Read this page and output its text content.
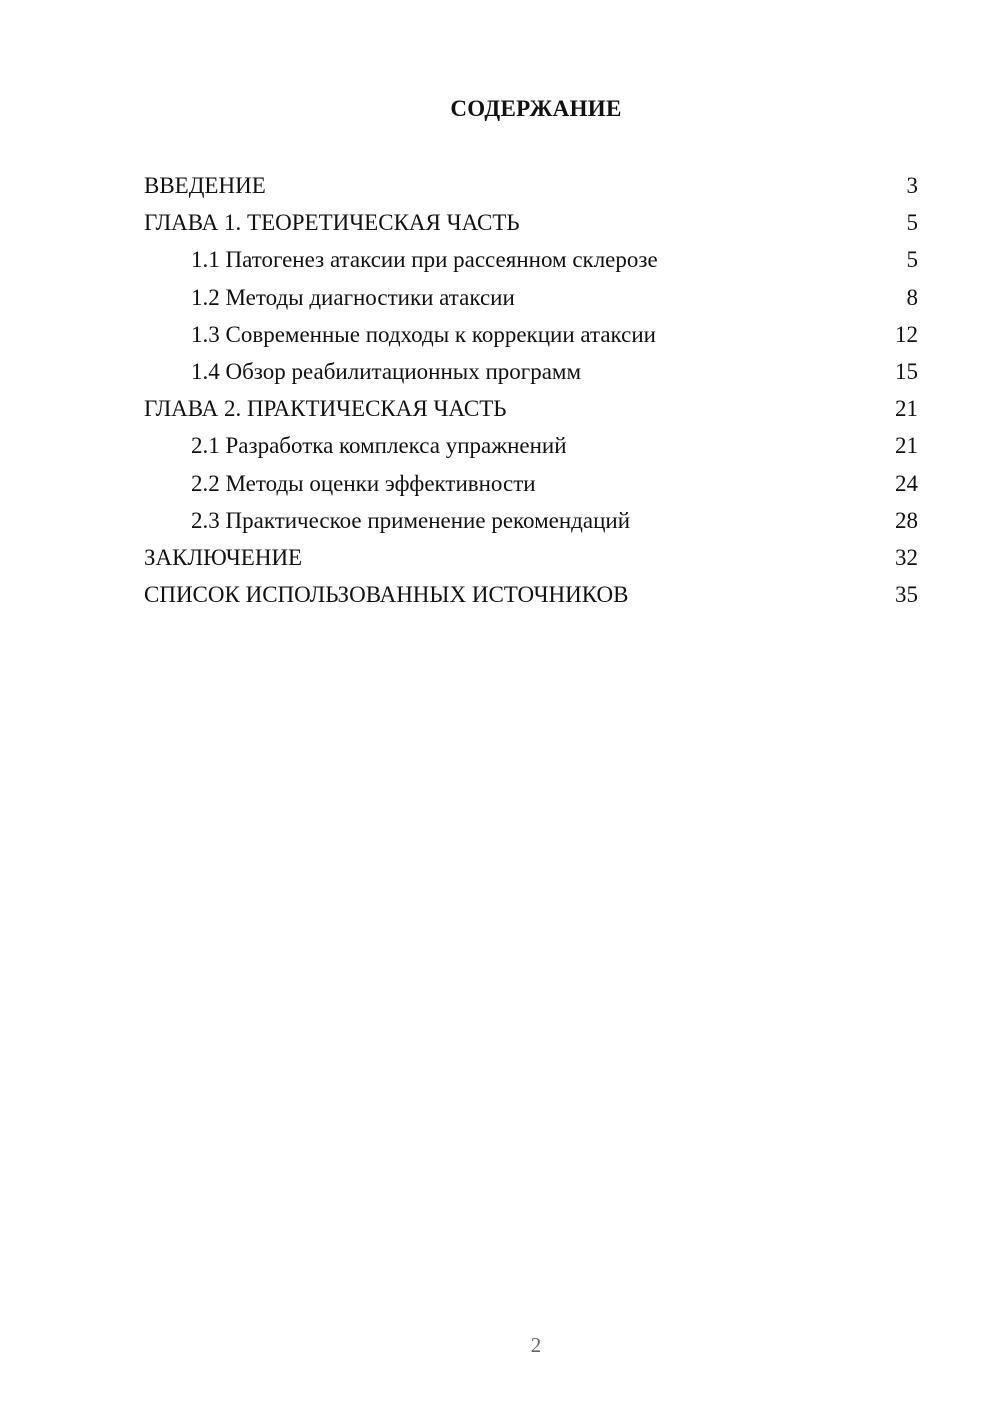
СОДЕРЖАНИЕ
ВВЕДЕНИЕ	3
ГЛАВА 1. ТЕОРЕТИЧЕСКАЯ ЧАСТЬ	5
1.1 Патогенез атаксии при рассеянном склерозе	5
1.2 Методы диагностики атаксии	8
1.3 Современные подходы к коррекции атаксии	12
1.4 Обзор реабилитационных программ	15
ГЛАВА 2. ПРАКТИЧЕСКАЯ ЧАСТЬ	21
2.1 Разработка комплекса упражнений	21
2.2 Методы оценки эффективности	24
2.3 Практическое применение рекомендаций	28
ЗАКЛЮЧЕНИЕ	32
СПИСОК ИСПОЛЬЗОВАННЫХ ИСТОЧНИКОВ	35
2
